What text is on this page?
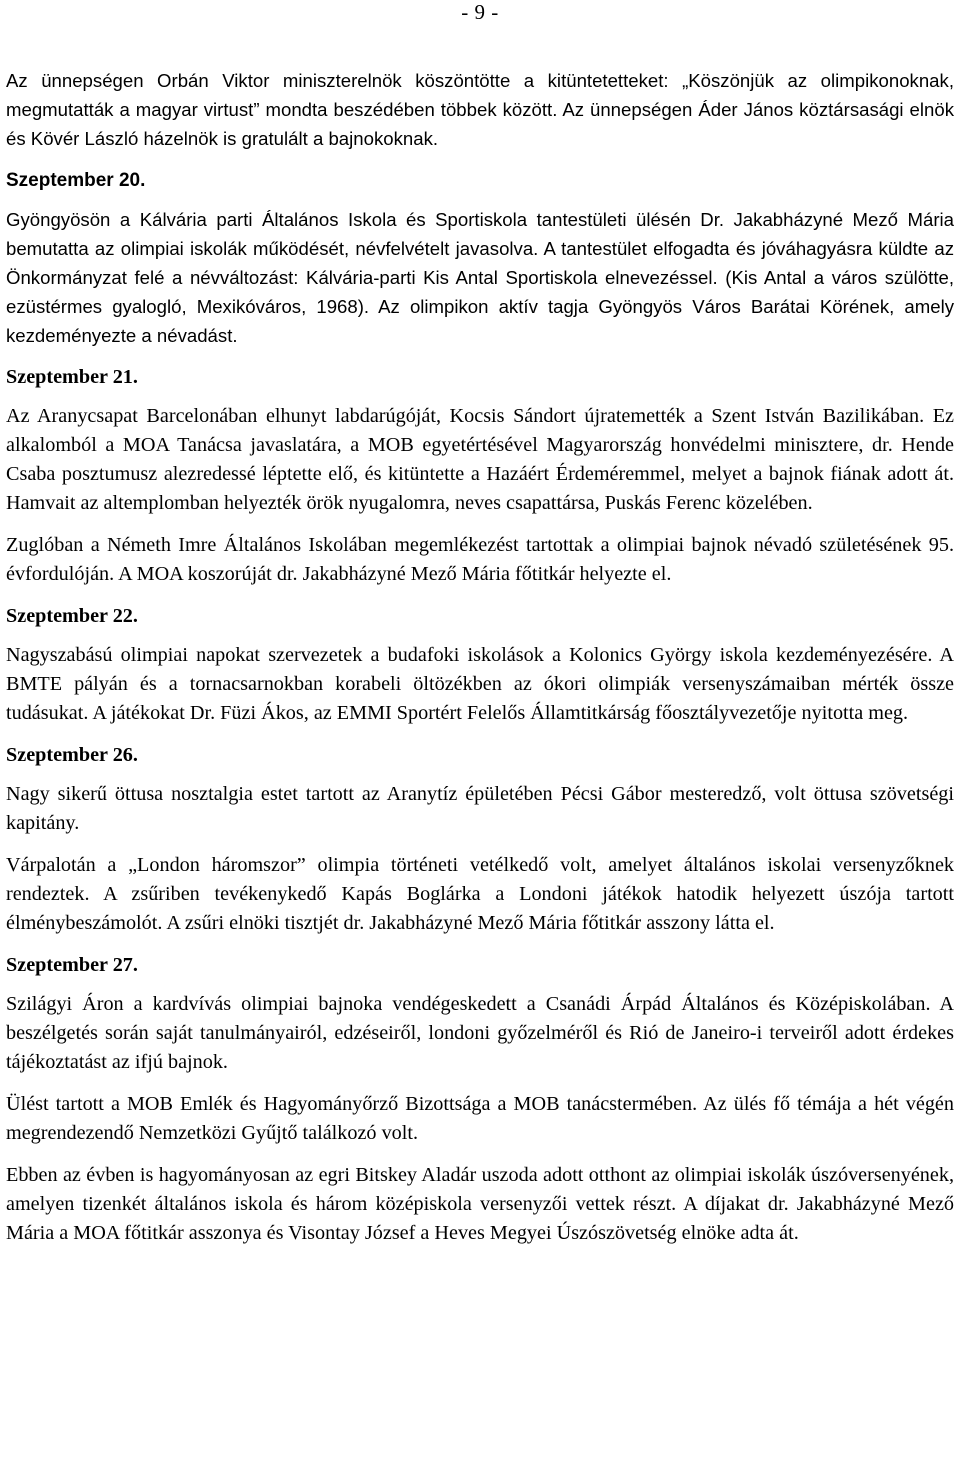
- 9 -

Az ünnepségen Orbán Viktor miniszterelnök köszöntötte a kitüntetetteket: „Köszönjük az olimpikonoknak, megmutatták a magyar virtust” mondta beszédében többek között. Az ünnepségen Áder János köztársasági elnök és Kövér László házelnök is gratulált a bajnokoknak.

Szeptember 20.

Gyöngyösön a Kálvária parti Általános Iskola és Sportiskola tantestületi ülésén Dr. Jakabházyné Mező Mária bemutatta az olimpiai iskolák működését, névfelvételt javasolva. A tantestület elfogadta és jóváhagyásra küldte az Önkormányzat felé a névváltozást: Kálvária-parti Kis Antal Sportiskola elnevezéssel. (Kis Antal a város szülötte, ezüstérmes gyalogló, Mexikóváros, 1968). Az olimpikon aktív tagja Gyöngyös Város Barátai Körének, amely kezdeményezte a névadást.

Szeptember 21.

Az Aranycsapat Barcelonában elhunyt labdarúgóját, Kocsis Sándort újratemették a Szent István Bazilikában. Ez alkalomból a MOA Tanácsa javaslatára, a MOB egyetértésével Magyarország honvédelmi minisztere, dr. Hende Csaba posztumusz alezredessé léptette elő, és kitüntette a Hazáért Érdeméremmel, melyet a bajnok fiának adott át. Hamvait az altemplomban helyezték örök nyugalomra, neves csapattársa, Puskás Ferenc közelében.

Zuglóban a Németh Imre Általános Iskolában megemlékezést tartottak a olimpiai bajnok névadó születésének 95. évfordulóján. A MOA koszorúját dr. Jakabházyné Mező Mária főtitkár helyezte el.

Szeptember 22.

Nagyszabású olimpiai napokat szervezetek a budafoki iskolások a Kolonics György iskola kezdeményezésére. A BMTE pályán és a tornacsarnokban korabeli öltözékben az ókori olimpiák versenyszámaiban mérték össze tudásukat. A játékokat Dr. Füzi Ákos, az EMMI Sportért Felelős Államtitkárság főosztályvezetője nyitotta meg.

Szeptember 26.

Nagy sikerű öttusa nosztalgia estet tartott az Aranytíz épületében Pécsi Gábor mesteredző, volt öttusa szövetségi kapitány.

Várpalotán a „London háromszor” olimpia történeti vetélkedő volt, amelyet általános iskolai versenyzőknek rendeztek. A zsűriben tevékenykedő Kapás Boglárka a Londoni játékok hatodik helyezett úszója tartott élménybeszámolót. A zsűri elnöki tisztjét dr. Jakabházyné Mező Mária főtitkár asszony látta el.

Szeptember 27.

Szilágyi Áron a kardvívás olimpiai bajnoka vendégeskedett a Csanádi Árpád Általános és Középiskolában. A beszélgetés során saját tanulmányairól, edzéseiről, londoni győzelméről és Rió de Janeiro-i terveiről adott érdekes tájékoztatást az ifjú bajnok.

Ülést tartott a MOB Emlék és Hagyományőrző Bizottsága a MOB tanácstermében. Az ülés fő témája a hét végén megrendezendő Nemzetközi Gyűjtő találkozó volt.

Ebben az évben is hagyományosan az egri Bitskey Aladár uszoda adott otthont az olimpiai iskolák úszóversenyének, amelyen tizenkét általános iskola és három középiskola versenyzői vettek részt. A díjakat dr. Jakabházyné Mező Mária a MOA főtitkár asszonya és Visontay József a Heves Megyei Úszószövetség elnöke adta át.
